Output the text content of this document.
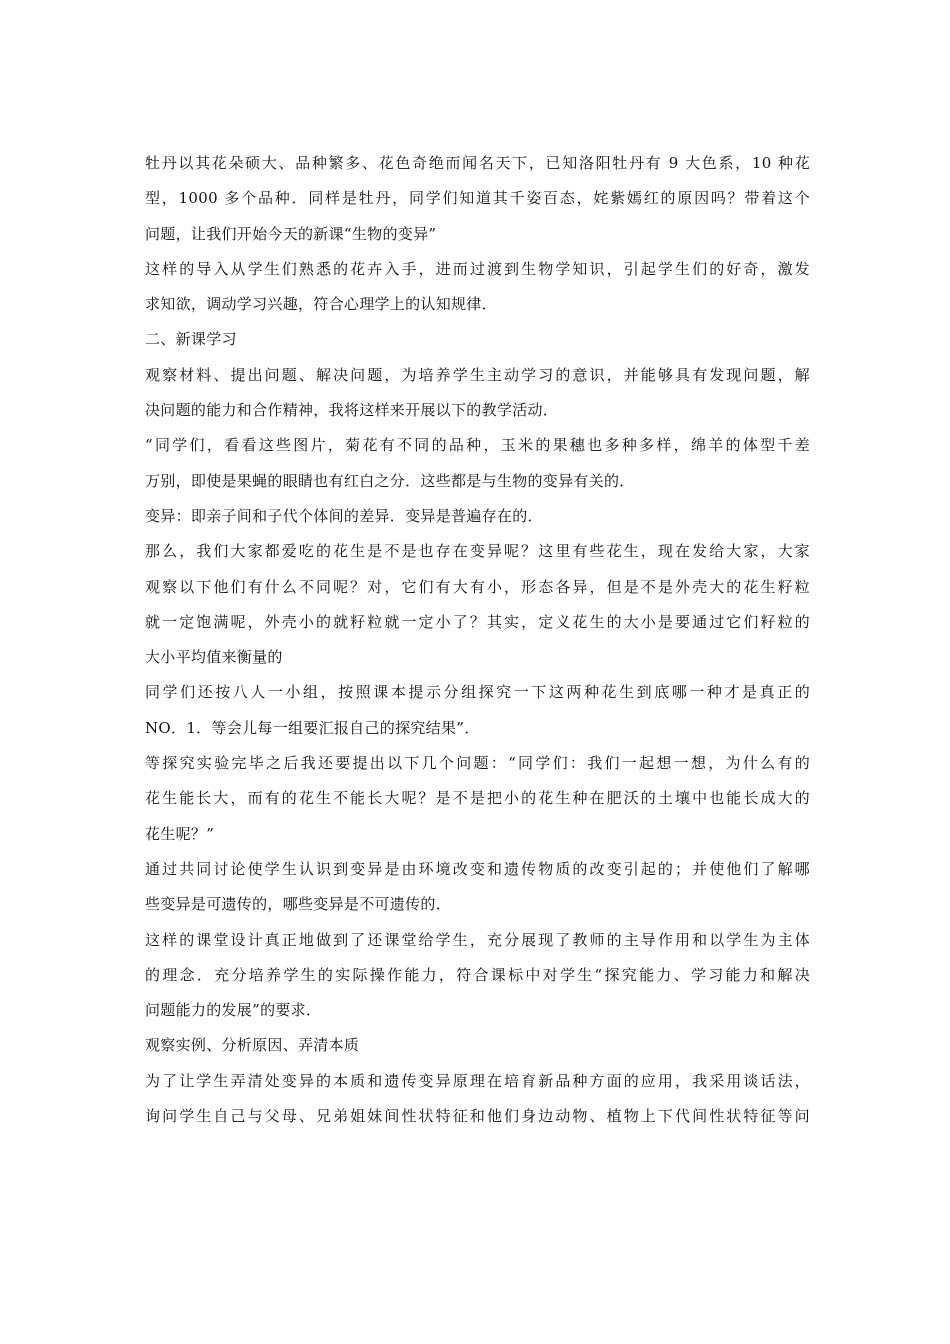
牡丹以其花朵硕大、品种繁多、花色奇绝而闻名天下，已知洛阳牡丹有 9 大色系，10 种花
型，1000 多个品种．同样是牡丹，同学们知道其千姿百态，姹紫嫣红的原因吗？带着这个
问题，让我们开始今天的新课“生物的变异”
这样的导入从学生们熟悉的花卉入手，进而过渡到生物学知识，引起学生们的好奇，激发
求知欲，调动学习兴趣，符合心理学上的认知规律．
二、新课学习
观察材料、提出问题、解决问题，为培养学生主动学习的意识，并能够具有发现问题，解
决问题的能力和合作精神，我将这样来开展以下的教学活动．
“同学们，看看这些图片，菊花有不同的品种，玉米的果穗也多种多样，绵羊的体型千差
万别，即使是果蝇的眼睛也有红白之分．这些都是与生物的变异有关的．
变异：即亲子间和子代个体间的差异．变异是普遍存在的．
那么，我们大家都爱吃的花生是不是也存在变异呢？这里有些花生，现在发给大家，大家
观察以下他们有什么不同呢？对，它们有大有小，形态各异，但是不是外壳大的花生籽粒
就一定饱满呢，外壳小的就籽粒就一定小了？其实，定义花生的大小是要通过它们籽粒的
大小平均值来衡量的
同学们还按八人一小组，按照课本提示分组探究一下这两种花生到底哪一种才是真正的
NO．1．等会儿每一组要汇报自己的探究结果”．
等探究实验完毕之后我还要提出以下几个问题：“同学们：我们一起想一想，为什么有的
花生能长大，而有的花生不能长大呢？是不是把小的花生种在肥沃的土壤中也能长成大的
花生呢？”
通过共同讨论使学生认识到变异是由环境改变和遗传物质的改变引起的；并使他们了解哪
些变异是可遗传的，哪些变异是不可遗传的．
这样的课堂设计真正地做到了还课堂给学生，充分展现了教师的主导作用和以学生为主体
的理念．充分培养学生的实际操作能力，符合课标中对学生“探究能力、学习能力和解决
问题能力的发展”的要求．
观察实例、分析原因、弄清本质
为了让学生弄清处变异的本质和遗传变异原理在培育新品种方面的应用，我采用谈话法，
询问学生自己与父母、兄弟姐妹间性状特征和他们身边动物、植物上下代间性状特征等问
